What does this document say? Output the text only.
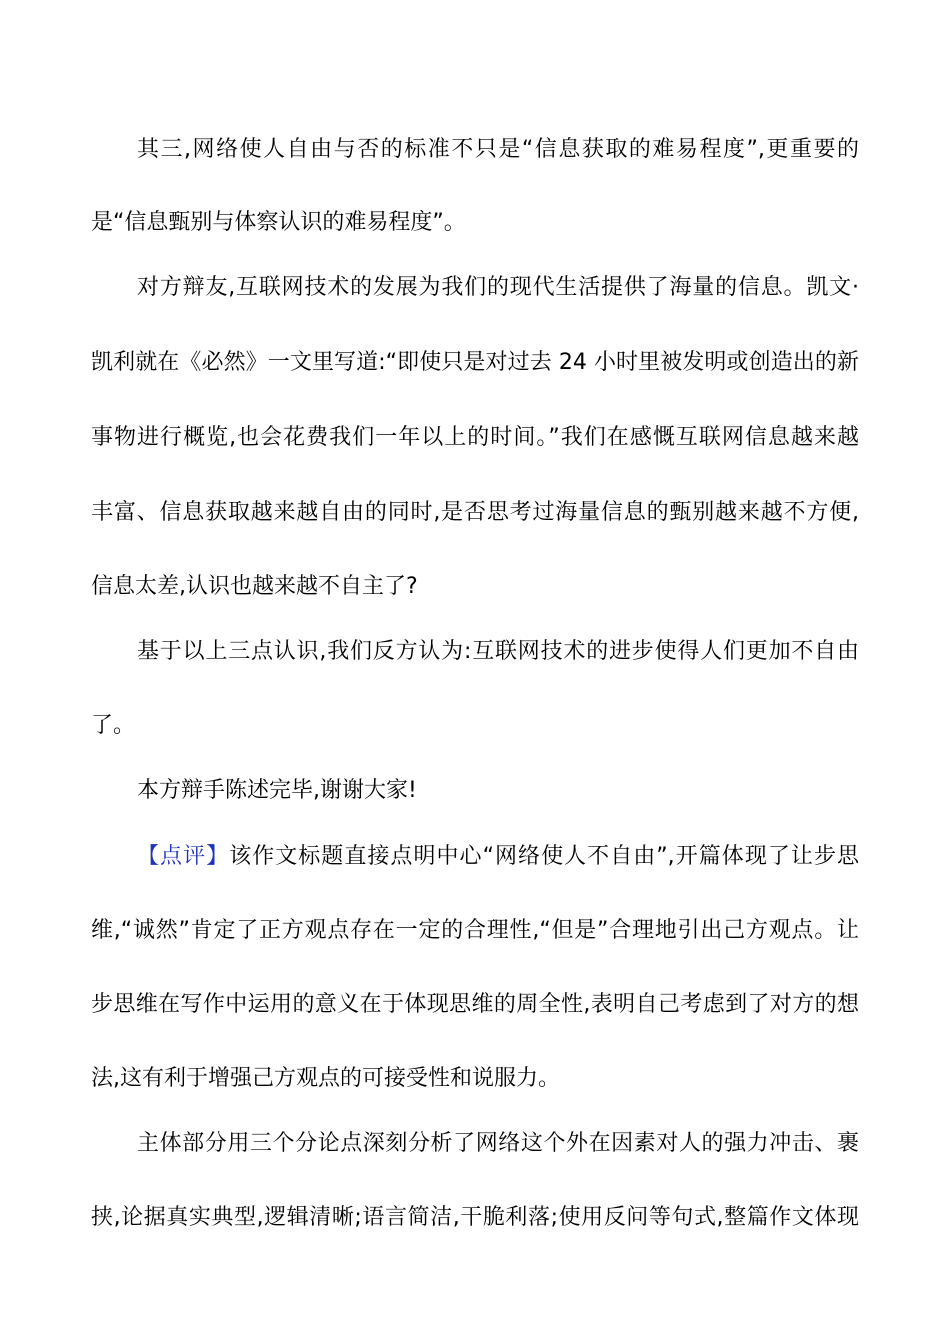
其三,网络使人自由与否的标准不只是“信息获取的难易程度”,更重要的
是“信息甄别与体察认识的难易程度”。
对方辩友,互联网技术的发展为我们的现代生活提供了海量的信息。凯文·
凯利就在《必然》一文里写道:“即使只是对过去 24 小时里被发明或创造出的新
事物进行概览,也会花费我们一年以上的时间。”我们在感慨互联网信息越来越
丰富、信息获取越来越自由的同时,是否思考过海量信息的甄别越来越不方便,
信息太差,认识也越来越不自主了?
基于以上三点认识,我们反方认为:互联网技术的进步使得人们更加不自由
了。
本方辩手陈述完毕,谢谢大家!
【点评】该作文标题直接点明中心“网络使人不自由”,开篇体现了让步思
维,“诚然”肯定了正方观点存在一定的合理性,“但是”合理地引出己方观点。让
步思维在写作中运用的意义在于体现思维的周全性,表明自己考虑到了对方的想
法,这有利于增强己方观点的可接受性和说服力。
主体部分用三个分论点深刻分析了网络这个外在因素对人的强力冲击、裹
挟,论据真实典型,逻辑清晰;语言简洁,干脆利落;使用反问等句式,整篇作文体现
